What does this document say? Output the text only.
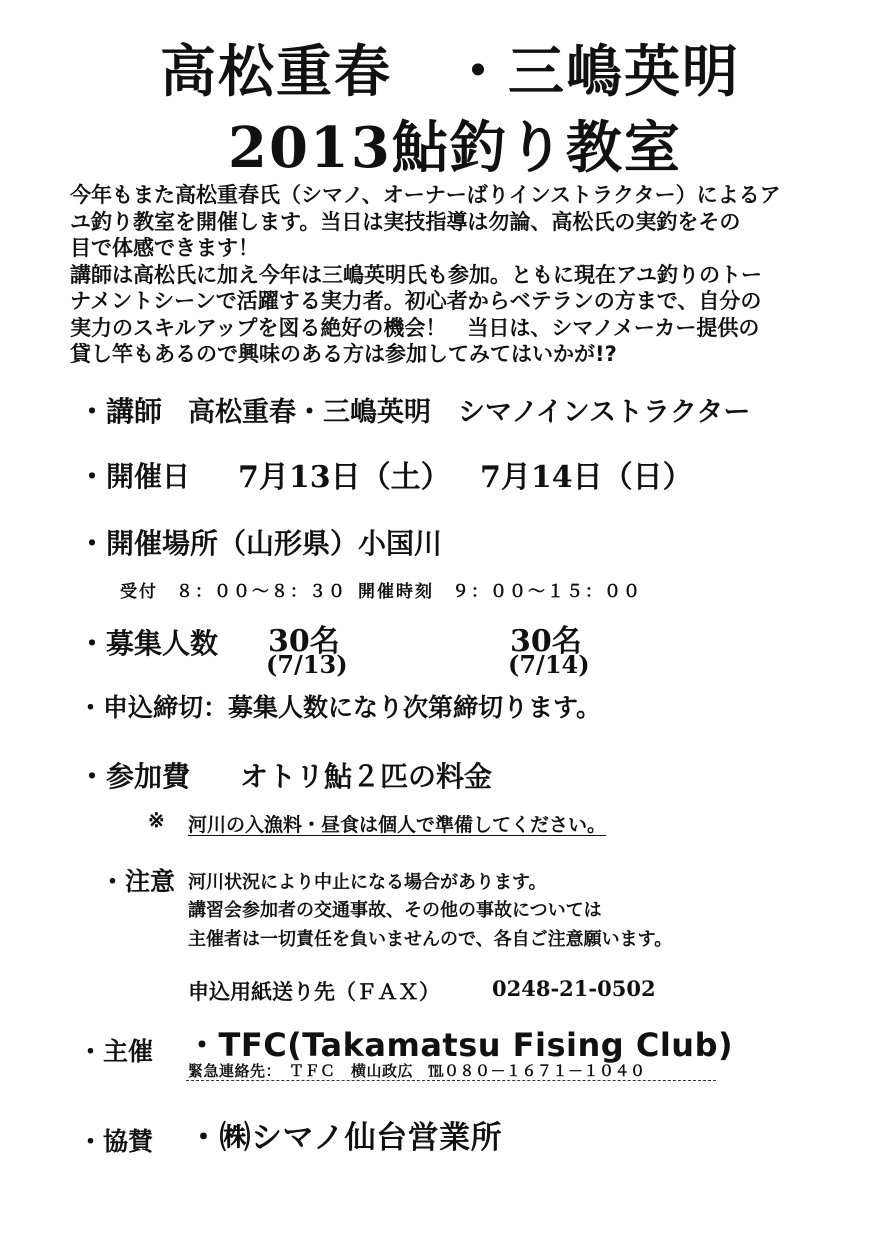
高松重春　・三嶋英明
2013鮎釣り教室
今年もまた高松重春氏（シマノ、オーナーばりインストラクター）によるア
ユ釣り教室を開催します。当日は実技指導は勿論、高松氏の実釣をその
目で体感できます！
講師は高松氏に加え今年は三嶋英明氏も参加。ともに現在アユ釣りのトー
ナメントシーンで活躍する実力者。初心者からベテランの方まで、自分の
実力のスキルアップを図る絶好の機会！　当日は、シマノメーカー提供の
貸し竿もあるので興味のある方は参加してみてはいかが!?
・講師 高松重春・三嶋英明　シマノインストラクター
・開催日 7月13日（土） 7月14日（日）
・開催場所（山形県）小国川
受付 ８：００～８：３０ 開催時刻 ９：００～１５：００
・募集人数 30名
(7/13)
30名
(7/14)
・申込締切：募集人数になり次第締切ります。
・参加費 オトリ鮎２匹の料金
※ 河川の入漁料・昼食は個人で準備してください。
・注意 河川状況により中止になる場合があります。
講習会参加者の交通事故、その他の事故については
主催者は一切責任を負いませんので、各自ご注意願います。
申込用紙送り先（ＦＡＸ） 0248-21-0502
・主催 ・TFC(Takamatsu Fising Club)
緊急連絡先：　ＴＦＣ　横山政広　℡０８０－１６７１－１０４０
・協賛 ・㈱シマノ仙台営業所
